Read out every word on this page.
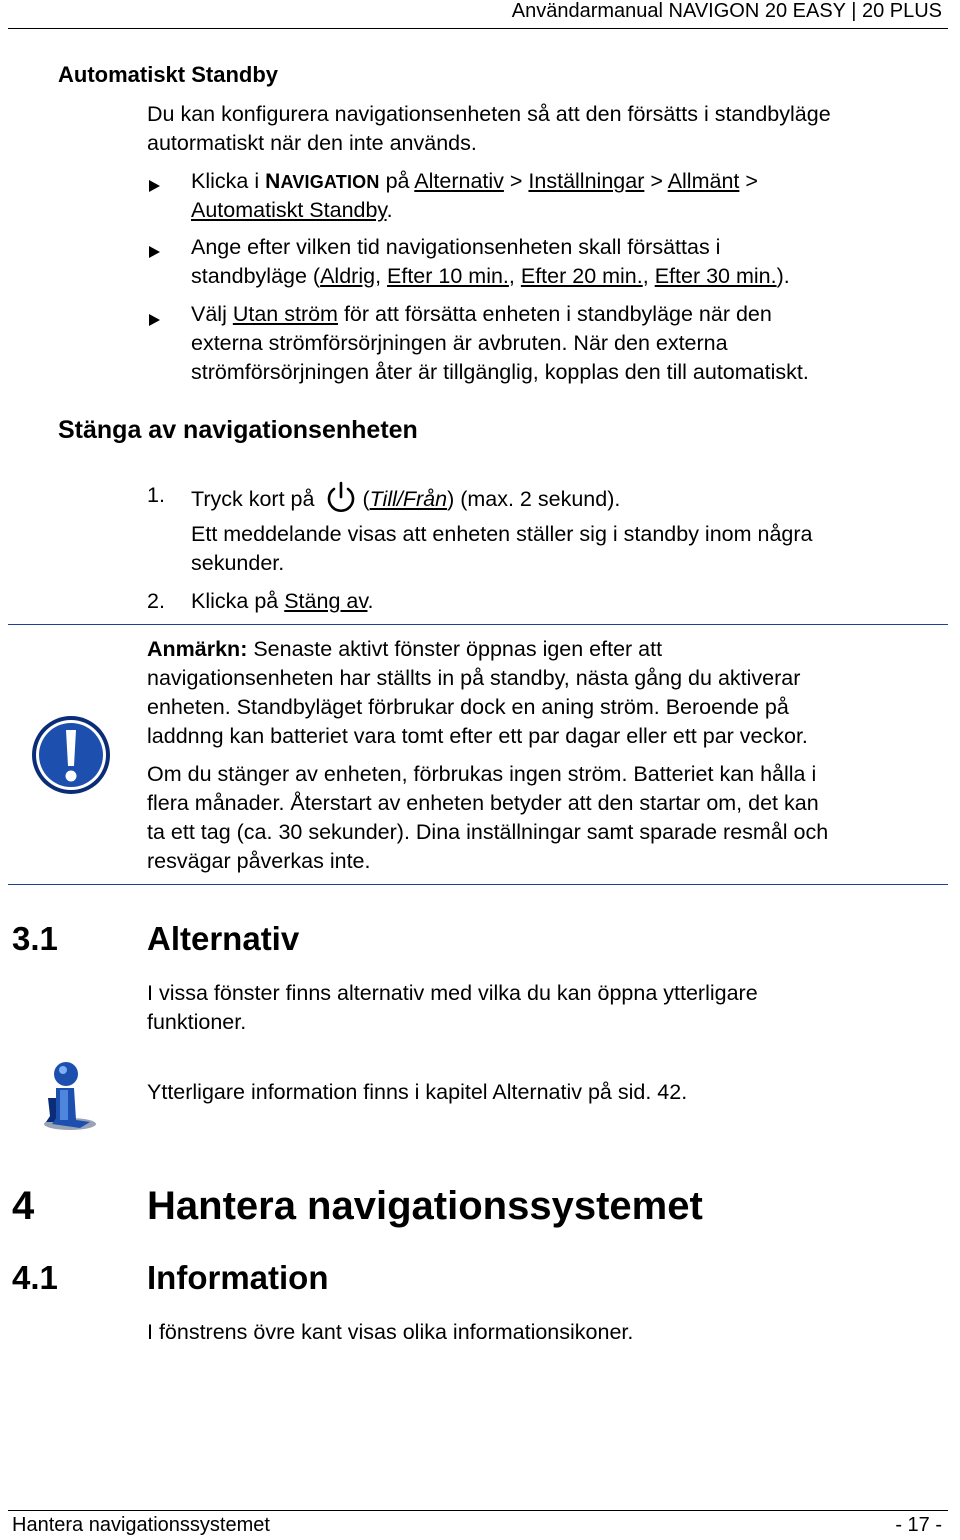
Användarmanual NAVIGON 20 EASY | 20 PLUS
Automatiskt Standby
Du kan konfigurera navigationsenheten så att den försätts i standbyläge
autormatiskt när den inte används.
Klicka i NAVIGATION på Alternativ > Inställningar > Allmänt >
Automatiskt Standby.
Ange efter vilken tid navigationsenheten skall försättas i
standbyläge (Aldrig, Efter 10 min., Efter 20 min., Efter 30 min.).
Välj Utan ström för att försätta enheten i standbyläge när den
externa strömförsörjningen är avbruten. När den externa
strömförsörjningen åter är tillgänglig, kopplas den till automatiskt.
Stänga av navigationsenheten
1. Tryck kort på (Till/Från) (max. 2 sekund).
Ett meddelande visas att enheten ställer sig i standby inom några
sekunder.
2. Klicka på Stäng av.
Anmärkn: Senaste aktivt fönster öppnas igen efter att
navigationsenheten har ställts in på standby, nästa gång du aktiverar
enheten. Standbyläget förbrukar dock en aning ström. Beroende på
laddnng kan batteriet vara tomt efter ett par dagar eller ett par veckor.
Om du stänger av enheten, förbrukas ingen ström. Batteriet kan hålla i
flera månader. Återstart av enheten betyder att den startar om, det kan
ta ett tag (ca. 30 sekunder). Dina inställningar samt sparade resmål och
resvägar påverkas inte.
3.1	Alternativ
I vissa fönster finns alternativ med vilka du kan öppna ytterligare
funktioner.
Ytterligare information finns i kapitel Alternativ på sid. 42.
4	Hantera navigationssystemet
4.1	Information
I fönstrens övre kant visas olika informationsikoner.
Hantera navigationssystemet	- 17 -
